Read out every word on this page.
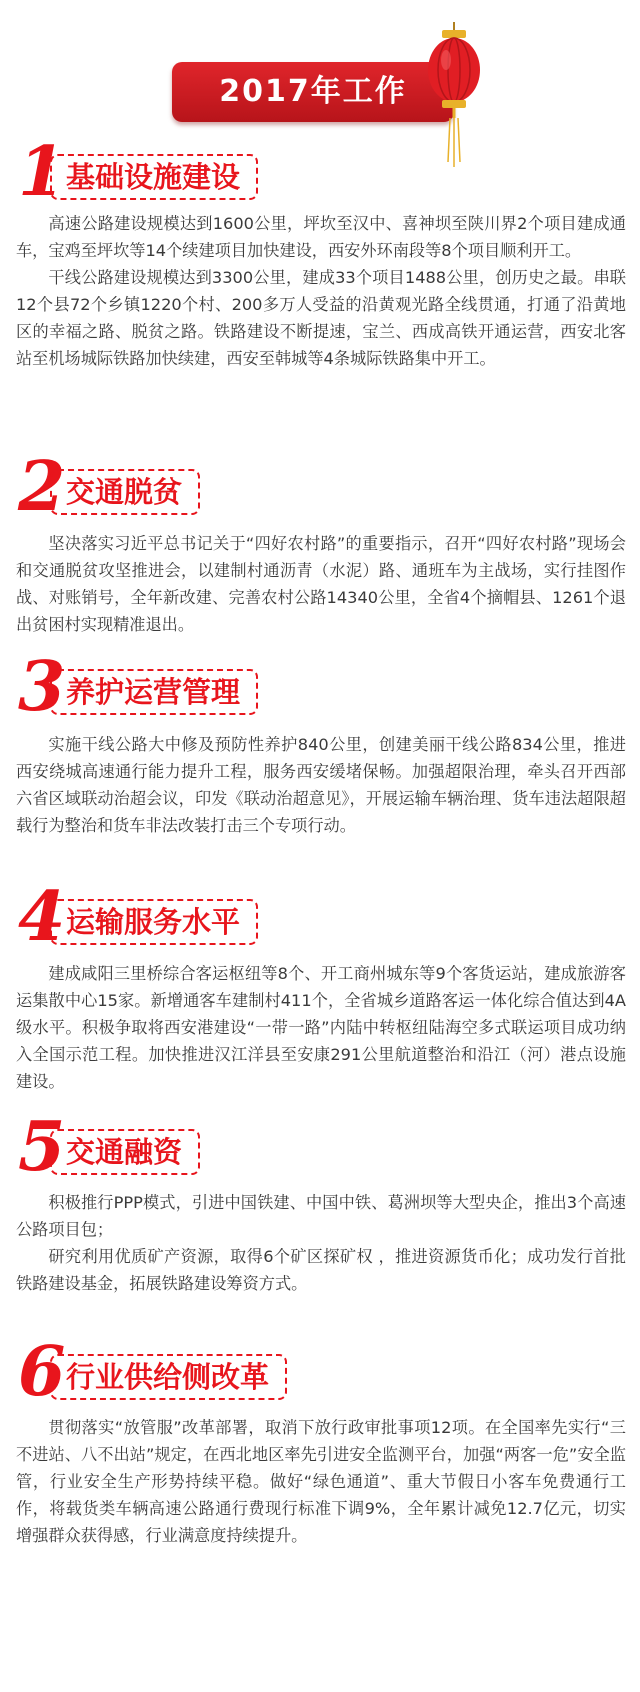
2017年工作
1 基础设施建设

高速公路建设规模达到1600公里，坪坎至汉中、喜神坝至陕川界2个项目建成通车，宝鸡至坪坎等14个续建项目加快建设，西安外环南段等8个项目顺利开工。

干线公路建设规模达到3300公里，建成33个项目1488公里，创历史之最。串联12个县72个乡镇1220个村、200多万人受益的沿黄观光路全线贯通，打通了沿黄地区的幸福之路、脱贫之路。铁路建设不断提速，宝兰、西成高铁开通运营，西安北客站至机场城际铁路加快续建，西安至韩城等4条城际铁路集中开工。

2 交通脱贫

坚决落实习近平总书记关于“四好农村路”的重要指示，召开“四好农村路”现场会和交通脱贫攻坚推进会，以建制村通沥青（水泥）路、通班车为主战场，实行挂图作战、对账销号，全年新改建、完善农村公路14340公里，全省4个摘帽县、1261个退出贫困村实现精准退出。

3 养护运营管理

实施干线公路大中修及预防性养护840公里，创建美丽干线公路834公里，推进西安绕城高速通行能力提升工程，服务西安缓堵保畅。加强超限治理，牵头召开西部六省区域联动治超会议，印发《联动治超意见》，开展运输车辆治理、货车违法超限超载行为整治和货车非法改装打击三个专项行动。

4 运输服务水平

建成咸阳三里桥综合客运枢纽等8个、开工商州城东等9个客货运站，建成旅游客运集散中心15家。新增通客车建制村411个，全省城乡道路客运一体化综合值达到4A级水平。积极争取将西安港建设“一带一路”内陆中转枢纽陆海空多式联运项目成功纳入全国示范工程。加快推进汉江洋县至安康291公里航道整治和沿江（河）港点设施建设。

5 交通融资

积极推行PPP模式，引进中国铁建、中国中铁、葛洲坝等大型央企，推出3个高速公路项目包；

研究利用优质矿产资源，取得6个矿区探矿权 ，推进资源货币化；成功发行首批铁路建设基金，拓展铁路建设筹资方式。

6 行业供给侧改革

贯彻落实“放管服”改革部署，取消下放行政审批事项12项。在全国率先实行“三不进站、八不出站”规定，在西北地区率先引进安全监测平台，加强“两客一危”安全监管，行业安全生产形势持续平稳。做好“绿色通道”、重大节假日小客车免费通行工作，将载货类车辆高速公路通行费现行标准下调9%，全年累计减免12.7亿元，切实增强群众获得感，行业满意度持续提升。
